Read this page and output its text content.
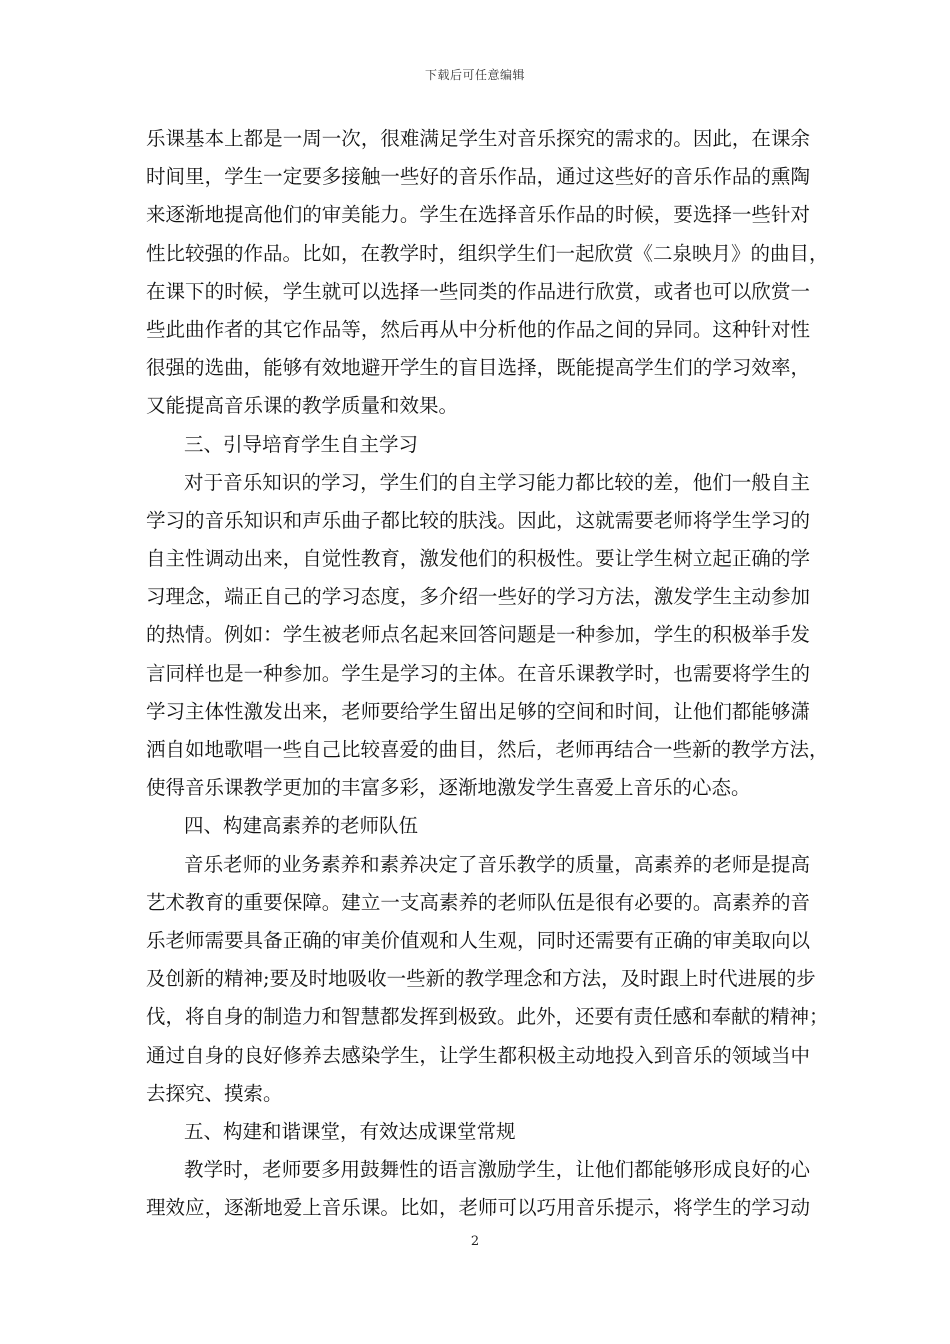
下载后可任意编辑
乐课基本上都是一周一次，很难满足学生对音乐探究的需求的。因此，在课余
时间里，学生一定要多接触一些好的音乐作品，通过这些好的音乐作品的熏陶
来逐渐地提高他们的审美能力。学生在选择音乐作品的时候，要选择一些针对
性比较强的作品。比如，在教学时，组织学生们一起欣赏《二泉映月》的曲目，
在课下的时候，学生就可以选择一些同类的作品进行欣赏，或者也可以欣赏一
些此曲作者的其它作品等，然后再从中分析他的作品之间的异同。这种针对性
很强的选曲，能够有效地避开学生的盲目选择，既能提高学生们的学习效率，
又能提高音乐课的教学质量和效果。
三、引导培育学生自主学习
对于音乐知识的学习，学生们的自主学习能力都比较的差，他们一般自主
学习的音乐知识和声乐曲子都比较的肤浅。因此，这就需要老师将学生学习的
自主性调动出来，自觉性教育，激发他们的积极性。要让学生树立起正确的学
习理念，端正自己的学习态度，多介绍一些好的学习方法，激发学生主动参加
的热情。例如：学生被老师点名起来回答问题是一种参加，学生的积极举手发
言同样也是一种参加。学生是学习的主体。在音乐课教学时，也需要将学生的
学习主体性激发出来，老师要给学生留出足够的空间和时间，让他们都能够潇
洒自如地歌唱一些自己比较喜爱的曲目，然后，老师再结合一些新的教学方法，
使得音乐课教学更加的丰富多彩，逐渐地激发学生喜爱上音乐的心态。
四、构建高素养的老师队伍
音乐老师的业务素养和素养决定了音乐教学的质量，高素养的老师是提高
艺术教育的重要保障。建立一支高素养的老师队伍是很有必要的。高素养的音
乐老师需要具备正确的审美价值观和人生观，同时还需要有正确的审美取向以
及创新的精神;要及时地吸收一些新的教学理念和方法，及时跟上时代进展的步
伐，将自身的制造力和智慧都发挥到极致。此外，还要有责任感和奉献的精神；
通过自身的良好修养去感染学生，让学生都积极主动地投入到音乐的领域当中
去探究、摸索。
五、构建和谐课堂，有效达成课堂常规
教学时，老师要多用鼓舞性的语言激励学生，让他们都能够形成良好的心
理效应，逐渐地爱上音乐课。比如，老师可以巧用音乐提示，将学生的学习动
2
